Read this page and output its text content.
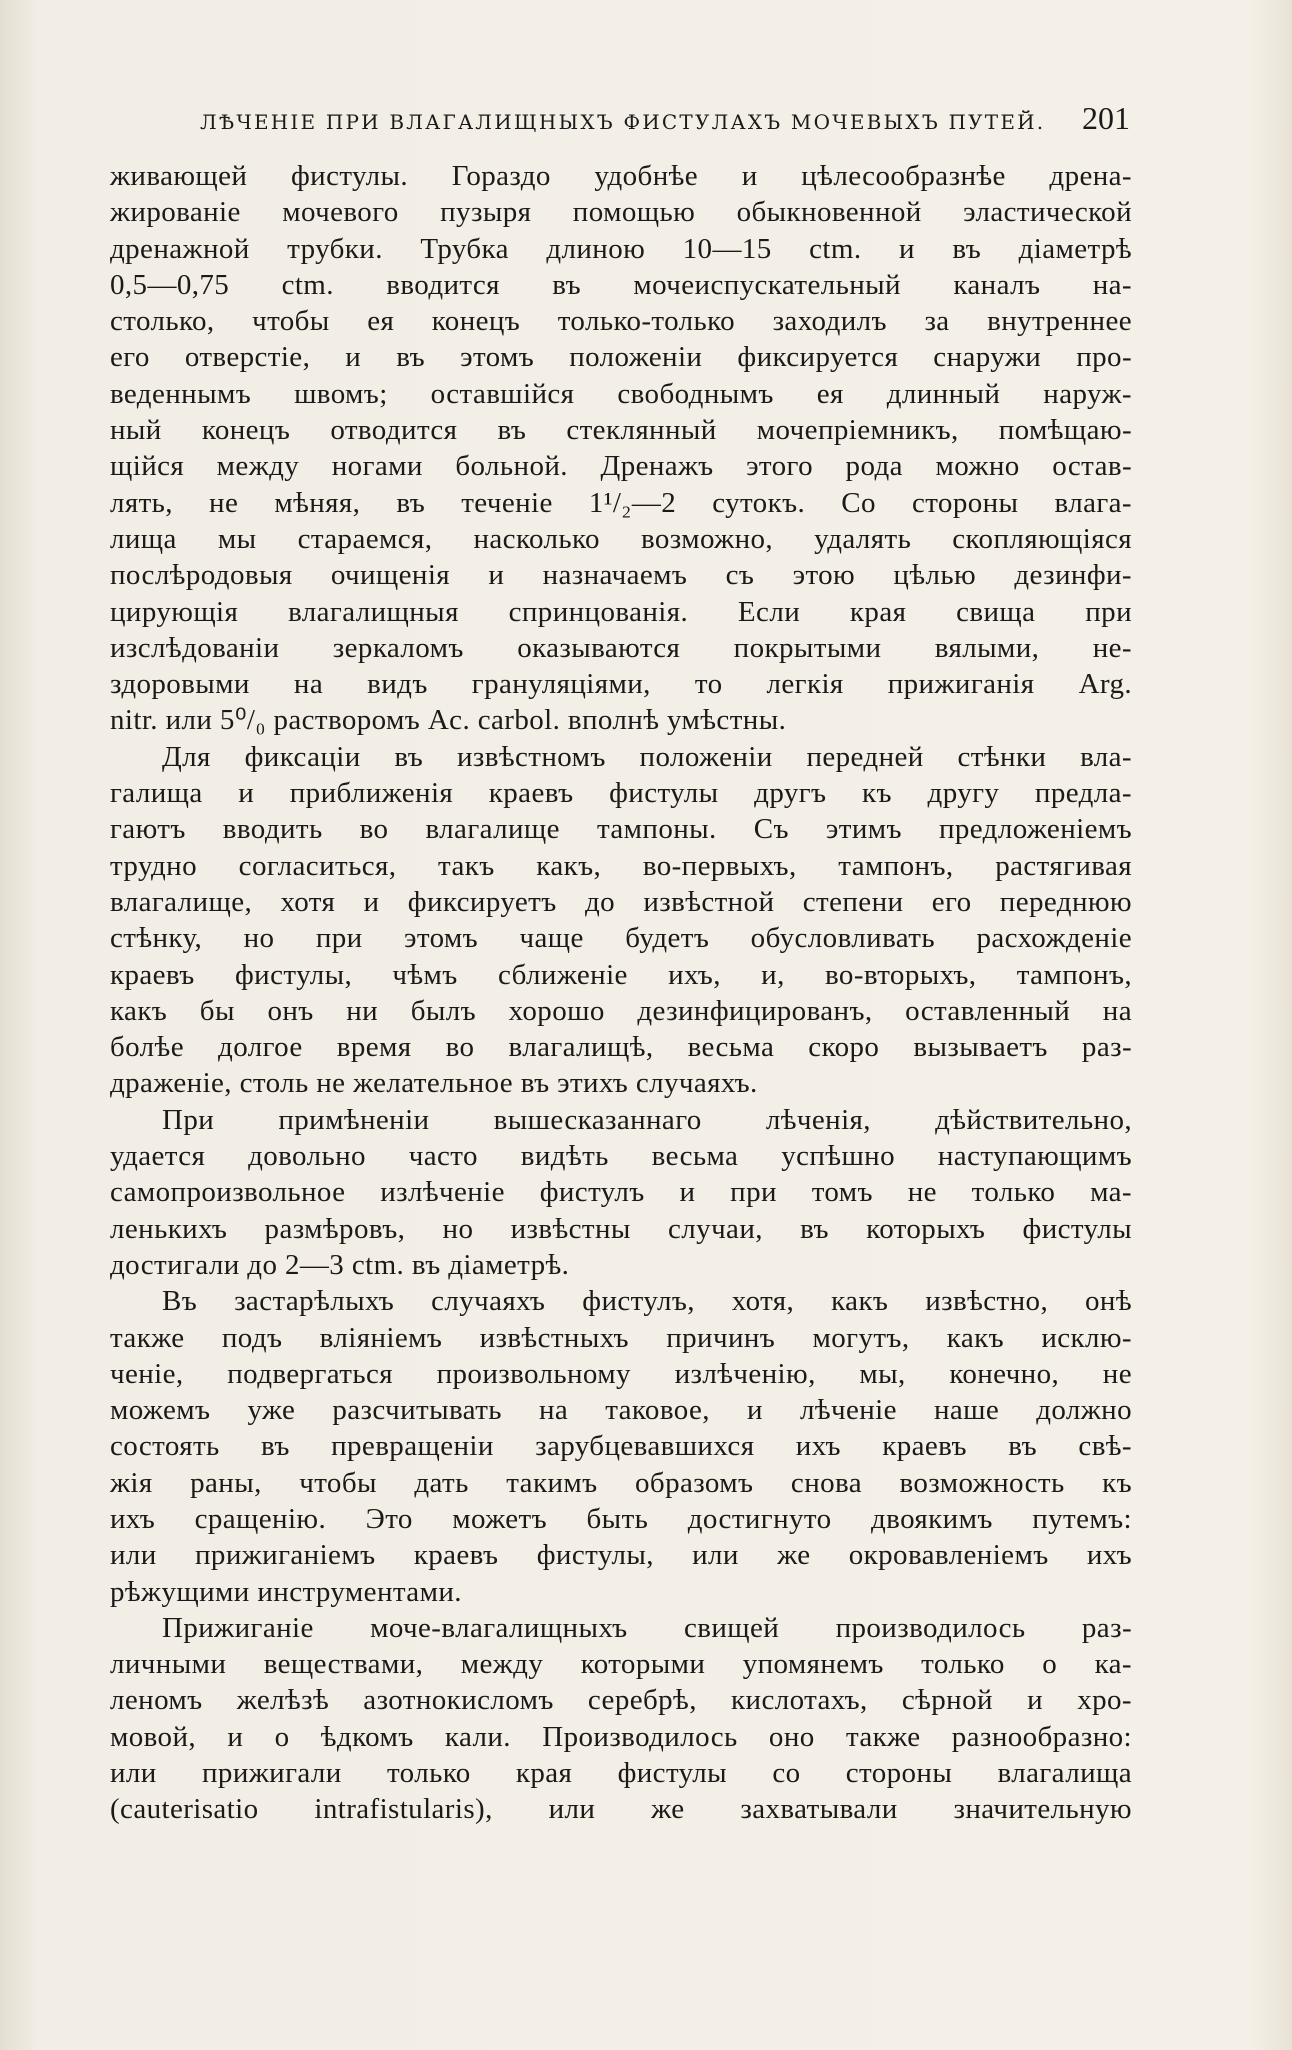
ЛѢЧЕНІЕ ПРИ ВЛАГАЛИЩНЫХЪ ФИСТУЛАХЪ МОЧЕВЫХЪ ПУТЕЙ. 201
живающей фистулы. Гораздо удобнѣе и цѣлесообразнѣе дрена-
жированіе мочевого пузыря помощью обыкновенной эластической
дренажной трубки. Трубка длиною 10—15 ctm. и въ діаметрѣ
0,5—0,75 ctm. вводится въ мочеиспускательный каналъ на-
столько, чтобы ея конецъ только-только заходилъ за внутреннее
его отверстіе, и въ этомъ положеніи фиксируется снаружи про-
веденнымъ швомъ; оставшійся свободнымъ ея длинный наруж-
ный конецъ отводится въ стеклянный мочепріемникъ, помѣщаю-
щійся между ногами больной. Дренажъ этого рода можно остав-
лять, не мѣняя, въ теченіе 1¹/₂—2 сутокъ. Со стороны влага-
лища мы стараемся, насколько возможно, удалять скопляющіяся
послѣродовыя очищенія и назначаемъ съ этою цѣлью дезинфи-
цирующія влагалищныя спринцованія. Если края свища при
изслѣдованіи зеркаломъ оказываются покрытыми вялыми, не-
здоровыми на видъ грануляціями, то легкія прижиганія Arg.
nitr. или 5⁰/₀ растворомъ Ac. carbol. вполнѣ умѣстны.
Для фиксаціи въ извѣстномъ положеніи передней стѣнки вла-
галища и приближенія краевъ фистулы другъ къ другу предла-
гаютъ вводить во влагалище тампоны. Съ этимъ предложеніемъ
трудно согласиться, такъ какъ, во-первыхъ, тампонъ, растягивая
влагалище, хотя и фиксируетъ до извѣстной степени его переднюю
стѣнку, но при этомъ чаще будетъ обусловливать расхожденіе
краевъ фистулы, чѣмъ сближеніе ихъ, и, во-вторыхъ, тампонъ,
какъ бы онъ ни былъ хорошо дезинфицированъ, оставленный на
болѣе долгое время во влагалищѣ, весьма скоро вызываетъ раз-
драженіе, столь не желательное въ этихъ случаяхъ.
При примѣненіи вышесказаннаго лѣченія, дѣйствительно,
удается довольно часто видѣть весьма успѣшно наступающимъ
самопроизвольное излѣченіе фистулъ и при томъ не только ма-
ленькихъ размѣровъ, но извѣстны случаи, въ которыхъ фистулы
достигали до 2—3 ctm. въ діаметрѣ.
Въ застарѣлыхъ случаяхъ фистулъ, хотя, какъ извѣстно, онѣ
также подъ вліяніемъ извѣстныхъ причинъ могутъ, какъ исклю-
ченіе, подвергаться произвольному излѣченію, мы, конечно, не
можемъ уже разсчитывать на таковое, и лѣченіе наше должно
состоять въ превращеніи зарубцевавшихся ихъ краевъ въ свѣ-
жія раны, чтобы дать такимъ образомъ снова возможность къ
ихъ сращенію. Это можетъ быть достигнуто двоякимъ путемъ:
или прижиганіемъ краевъ фистулы, или же окровавленіемъ ихъ
рѣжущими инструментами.
Прижиганіе моче-влагалищныхъ свищей производилось раз-
личными веществами, между которыми упомянемъ только о ка-
леномъ желѣзѣ азотнокисломъ серебрѣ, кислотахъ, сѣрной и хро-
мовой, и о ѣдкомъ кали. Производилось оно также разнообразно:
или прижигали только края фистулы со стороны влагалища
(cauterisatio intrafistularis), или же захватывали значительную
